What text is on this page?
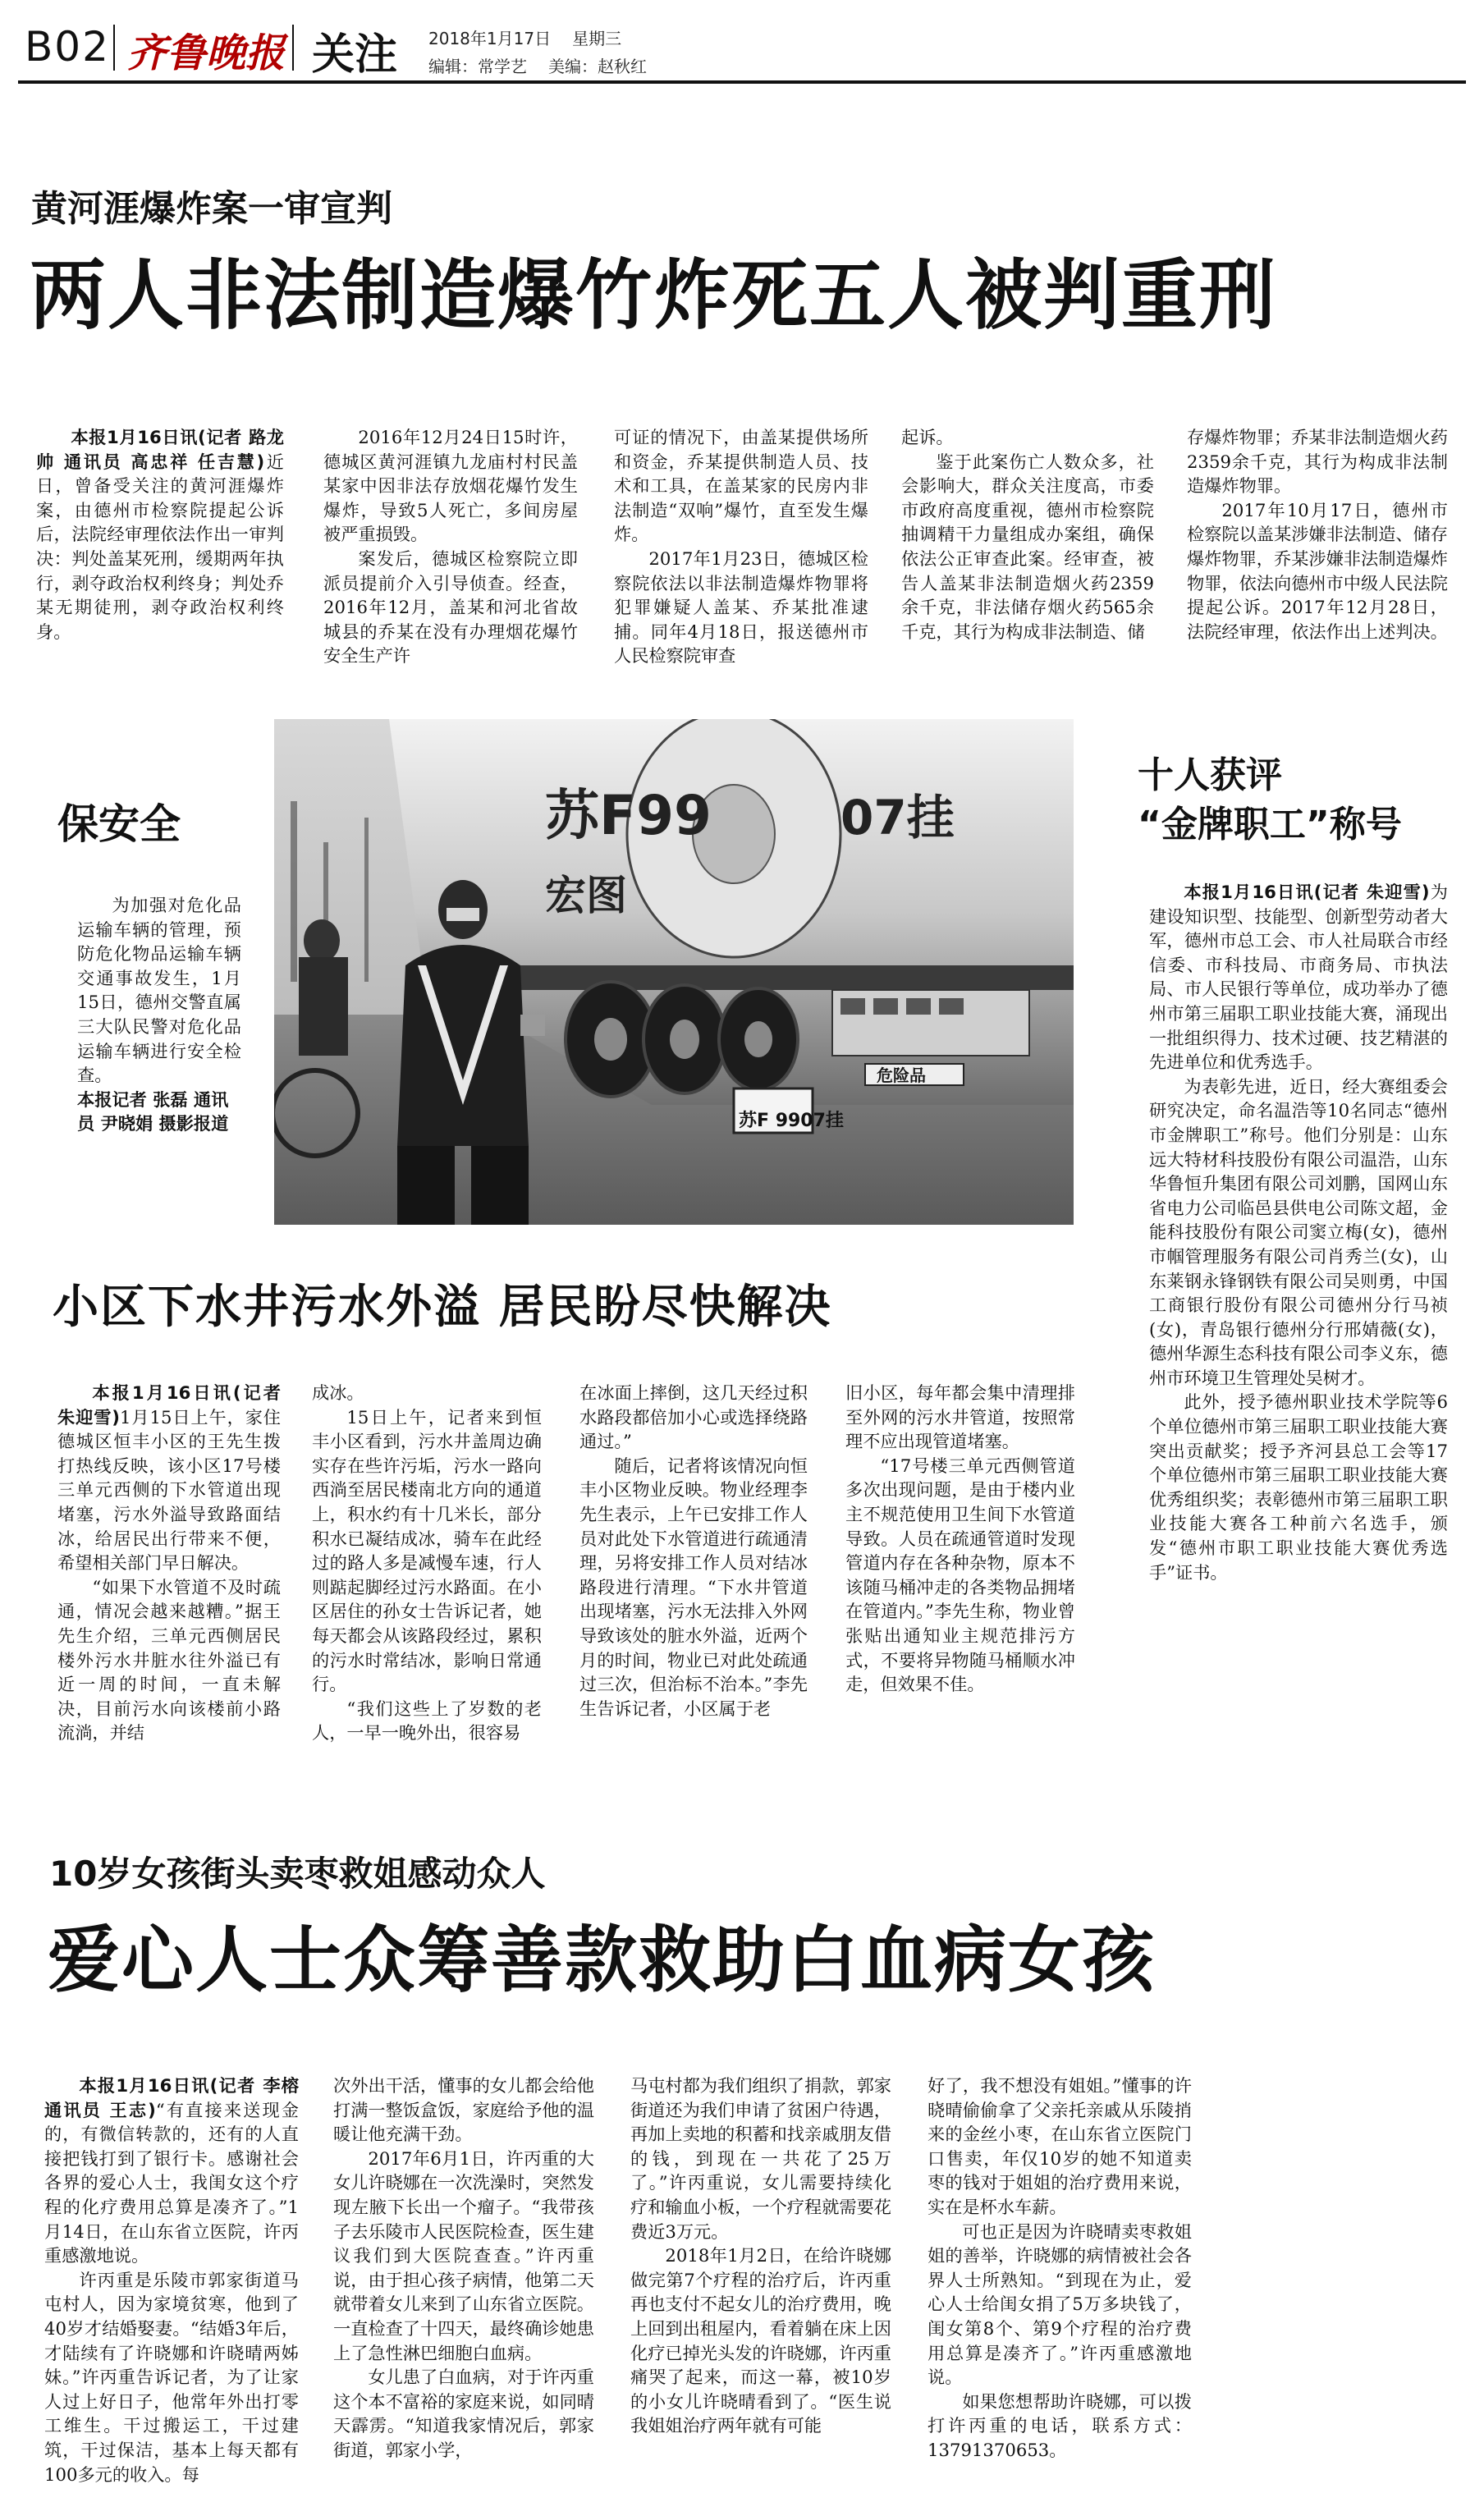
B02 齐鲁晚报 关注 2018年1月17日 星期三
编辑：常学艺 美编：赵秋红
黄河涯爆炸案一审宣判
两人非法制造爆竹炸死五人被判重刑

本报1月16日讯(记者 路龙帅 通讯员 高忠祥 任吉慧)近日，曾备受关注的黄河涯爆炸案，由德州市检察院提起公诉后，法院经审理依法作出一审判决：判处盖某死刑，缓期两年执行，剥夺政治权利终身；判处乔某无期徒刑，剥夺政治权利终身。

2016年12月24日15时许，德城区黄河涯镇九龙庙村村民盖某家中因非法存放烟花爆竹发生爆炸，导致5人死亡，多间房屋被严重损毁。

案发后，德城区检察院立即派员提前介入引导侦查。经查，2016年12月，盖某和河北省故城县的乔某在没有办理烟花爆竹安全生产许

可证的情况下，由盖某提供场所和资金，乔某提供制造人员、技术和工具，在盖某家的民房内非法制造“双响”爆竹，直至发生爆炸。

2017年1月23日，德城区检察院依法以非法制造爆炸物罪将犯罪嫌疑人盖某、乔某批准逮捕。同年4月18日，报送德州市人民检察院审查

起诉。

鉴于此案伤亡人数众多，社会影响大，群众关注度高，市委市政府高度重视，德州市检察院抽调精干力量组成办案组，确保依法公正审查此案。经审查，被告人盖某非法制造烟火药2359余千克，非法储存烟火药565余千克，其行为构成非法制造、储

存爆炸物罪；乔某非法制造烟火药2359余千克，其行为构成非法制造爆炸物罪。

2017年10月17日，德州市检察院以盖某涉嫌非法制造、储存爆炸物罪，乔某涉嫌非法制造爆炸物罪，依法向德州市中级人民法院提起公诉。2017年12月28日，法院经审理，依法作出上述判决。

保安全

为加强对危化品运输车辆的管理，预防危化物品运输车辆交通事故发生，1月15日，德州交警直属三大队民警对危化品运输车辆进行安全检查。

本报记者 张磊 通讯员 尹晓娟 摄影报道

苏F99	07挂
宏图
危险品
苏F 9907挂
十人获评
“金牌职工”称号

本报1月16日讯(记者 朱迎雪)为建设知识型、技能型、创新型劳动者大军，德州市总工会、市人社局联合市经信委、市科技局、市商务局、市执法局、市人民银行等单位，成功举办了德州市第三届职工职业技能大赛，涌现出一批组织得力、技术过硬、技艺精湛的先进单位和优秀选手。

为表彰先进，近日，经大赛组委会研究决定，命名温浩等10名同志“德州市金牌职工”称号。他们分别是：山东远大特材科技股份有限公司温浩，山东华鲁恒升集团有限公司刘鹏，国网山东省电力公司临邑县供电公司陈文超，金能科技股份有限公司窦立梅(女)，德州市帼管理服务有限公司肖秀兰(女)，山东莱钢永锋钢铁有限公司吴则勇，中国工商银行股份有限公司德州分行马祯(女)，青岛银行德州分行邢婧薇(女)，德州华源生态科技有限公司李义东，德州市环境卫生管理处吴树才。

此外，授予德州职业技术学院等6个单位德州市第三届职工职业技能大赛突出贡献奖；授予齐河县总工会等17个单位德州市第三届职工职业技能大赛优秀组织奖；表彰德州市第三届职工职业技能大赛各工种前六名选手，颁发“德州市职工职业技能大赛优秀选手”证书。

小区下水井污水外溢 居民盼尽快解决

本报1月16日讯(记者 朱迎雪)1月15日上午，家住德城区恒丰小区的王先生拨打热线反映，该小区17号楼三单元西侧的下水管道出现堵塞，污水外溢导致路面结冰，给居民出行带来不便，希望相关部门早日解决。

“如果下水管道不及时疏通，情况会越来越糟。”据王先生介绍，三单元西侧居民楼外污水井脏水往外溢已有近一周的时间，一直未解决，目前污水向该楼前小路流淌，并结

成冰。

15日上午，记者来到恒丰小区看到，污水井盖周边确实存在些许污垢，污水一路向西淌至居民楼南北方向的通道上，积水约有十几米长，部分积水已凝结成冰，骑车在此经过的路人多是减慢车速，行人则踮起脚经过污水路面。在小区居住的孙女士告诉记者，她每天都会从该路段经过，累积的污水时常结冰，影响日常通行。

“我们这些上了岁数的老人，一早一晚外出，很容易

在冰面上摔倒，这几天经过积水路段都倍加小心或选择绕路通过。”

随后，记者将该情况向恒丰小区物业反映。物业经理李先生表示，上午已安排工作人员对此处下水管道进行疏通清理，另将安排工作人员对结冰路段进行清理。“下水井管道出现堵塞，污水无法排入外网导致该处的脏水外溢，近两个月的时间，物业已对此处疏通过三次，但治标不治本。”李先生告诉记者，小区属于老

旧小区，每年都会集中清理排至外网的污水井管道，按照常理不应出现管道堵塞。

“17号楼三单元西侧管道多次出现问题，是由于楼内业主不规范使用卫生间下水管道导致。人员在疏通管道时发现管道内存在各种杂物，原本不该随马桶冲走的各类物品拥堵在管道内。”李先生称，物业曾张贴出通知业主规范排污方式，不要将异物随马桶顺水冲走，但效果不佳。

10岁女孩街头卖枣救姐感动众人
爱心人士众筹善款救助白血病女孩

本报1月16日讯(记者 李榕 通讯员 王志)“有直接来送现金的，有微信转款的，还有的人直接把钱打到了银行卡。感谢社会各界的爱心人士，我闺女这个疗程的化疗费用总算是凑齐了。”1月14日，在山东省立医院，许丙重感激地说。

许丙重是乐陵市郭家街道马屯村人，因为家境贫寒，他到了40岁才结婚娶妻。“结婚3年后，才陆续有了许晓娜和许晓晴两姊妹。”许丙重告诉记者，为了让家人过上好日子，他常年外出打零工维生。干过搬运工，干过建筑，干过保洁，基本上每天都有100多元的收入。每

次外出干活，懂事的女儿都会给他打满一整饭盒饭，家庭给予他的温暖让他充满干劲。

2017年6月1日，许丙重的大女儿许晓娜在一次洗澡时，突然发现左腋下长出一个瘤子。“我带孩子去乐陵市人民医院检查，医生建议我们到大医院查查。”许丙重说，由于担心孩子病情，他第二天就带着女儿来到了山东省立医院。一直检查了十四天，最终确诊她患上了急性淋巴细胞白血病。

女儿患了白血病，对于许丙重这个本不富裕的家庭来说，如同晴天霹雳。“知道我家情况后，郭家街道，郭家小学，

马屯村都为我们组织了捐款，郭家街道还为我们申请了贫困户待遇，再加上卖地的积蓄和找亲戚朋友借的钱，到现在一共花了25万了。”许丙重说，女儿需要持续化疗和输血小板，一个疗程就需要花费近3万元。

2018年1月2日，在给许晓娜做完第7个疗程的治疗后，许丙重再也支付不起女儿的治疗费用，晚上回到出租屋内，看着躺在床上因化疗已掉光头发的许晓娜，许丙重痛哭了起来，而这一幕，被10岁的小女儿许晓晴看到了。“医生说我姐姐治疗两年就有可能

好了，我不想没有姐姐。”懂事的许晓晴偷偷拿了父亲托亲戚从乐陵捎来的金丝小枣，在山东省立医院门口售卖，年仅10岁的她不知道卖枣的钱对于姐姐的治疗费用来说，实在是杯水车薪。

可也正是因为许晓晴卖枣救姐姐的善举，许晓娜的病情被社会各界人士所熟知。“到现在为止，爱心人士给闺女捐了5万多块钱了，闺女第8个、第9个疗程的治疗费用总算是凑齐了。”许丙重感激地说。

如果您想帮助许晓娜，可以拨打许丙重的电话，联系方式：13791370653。
